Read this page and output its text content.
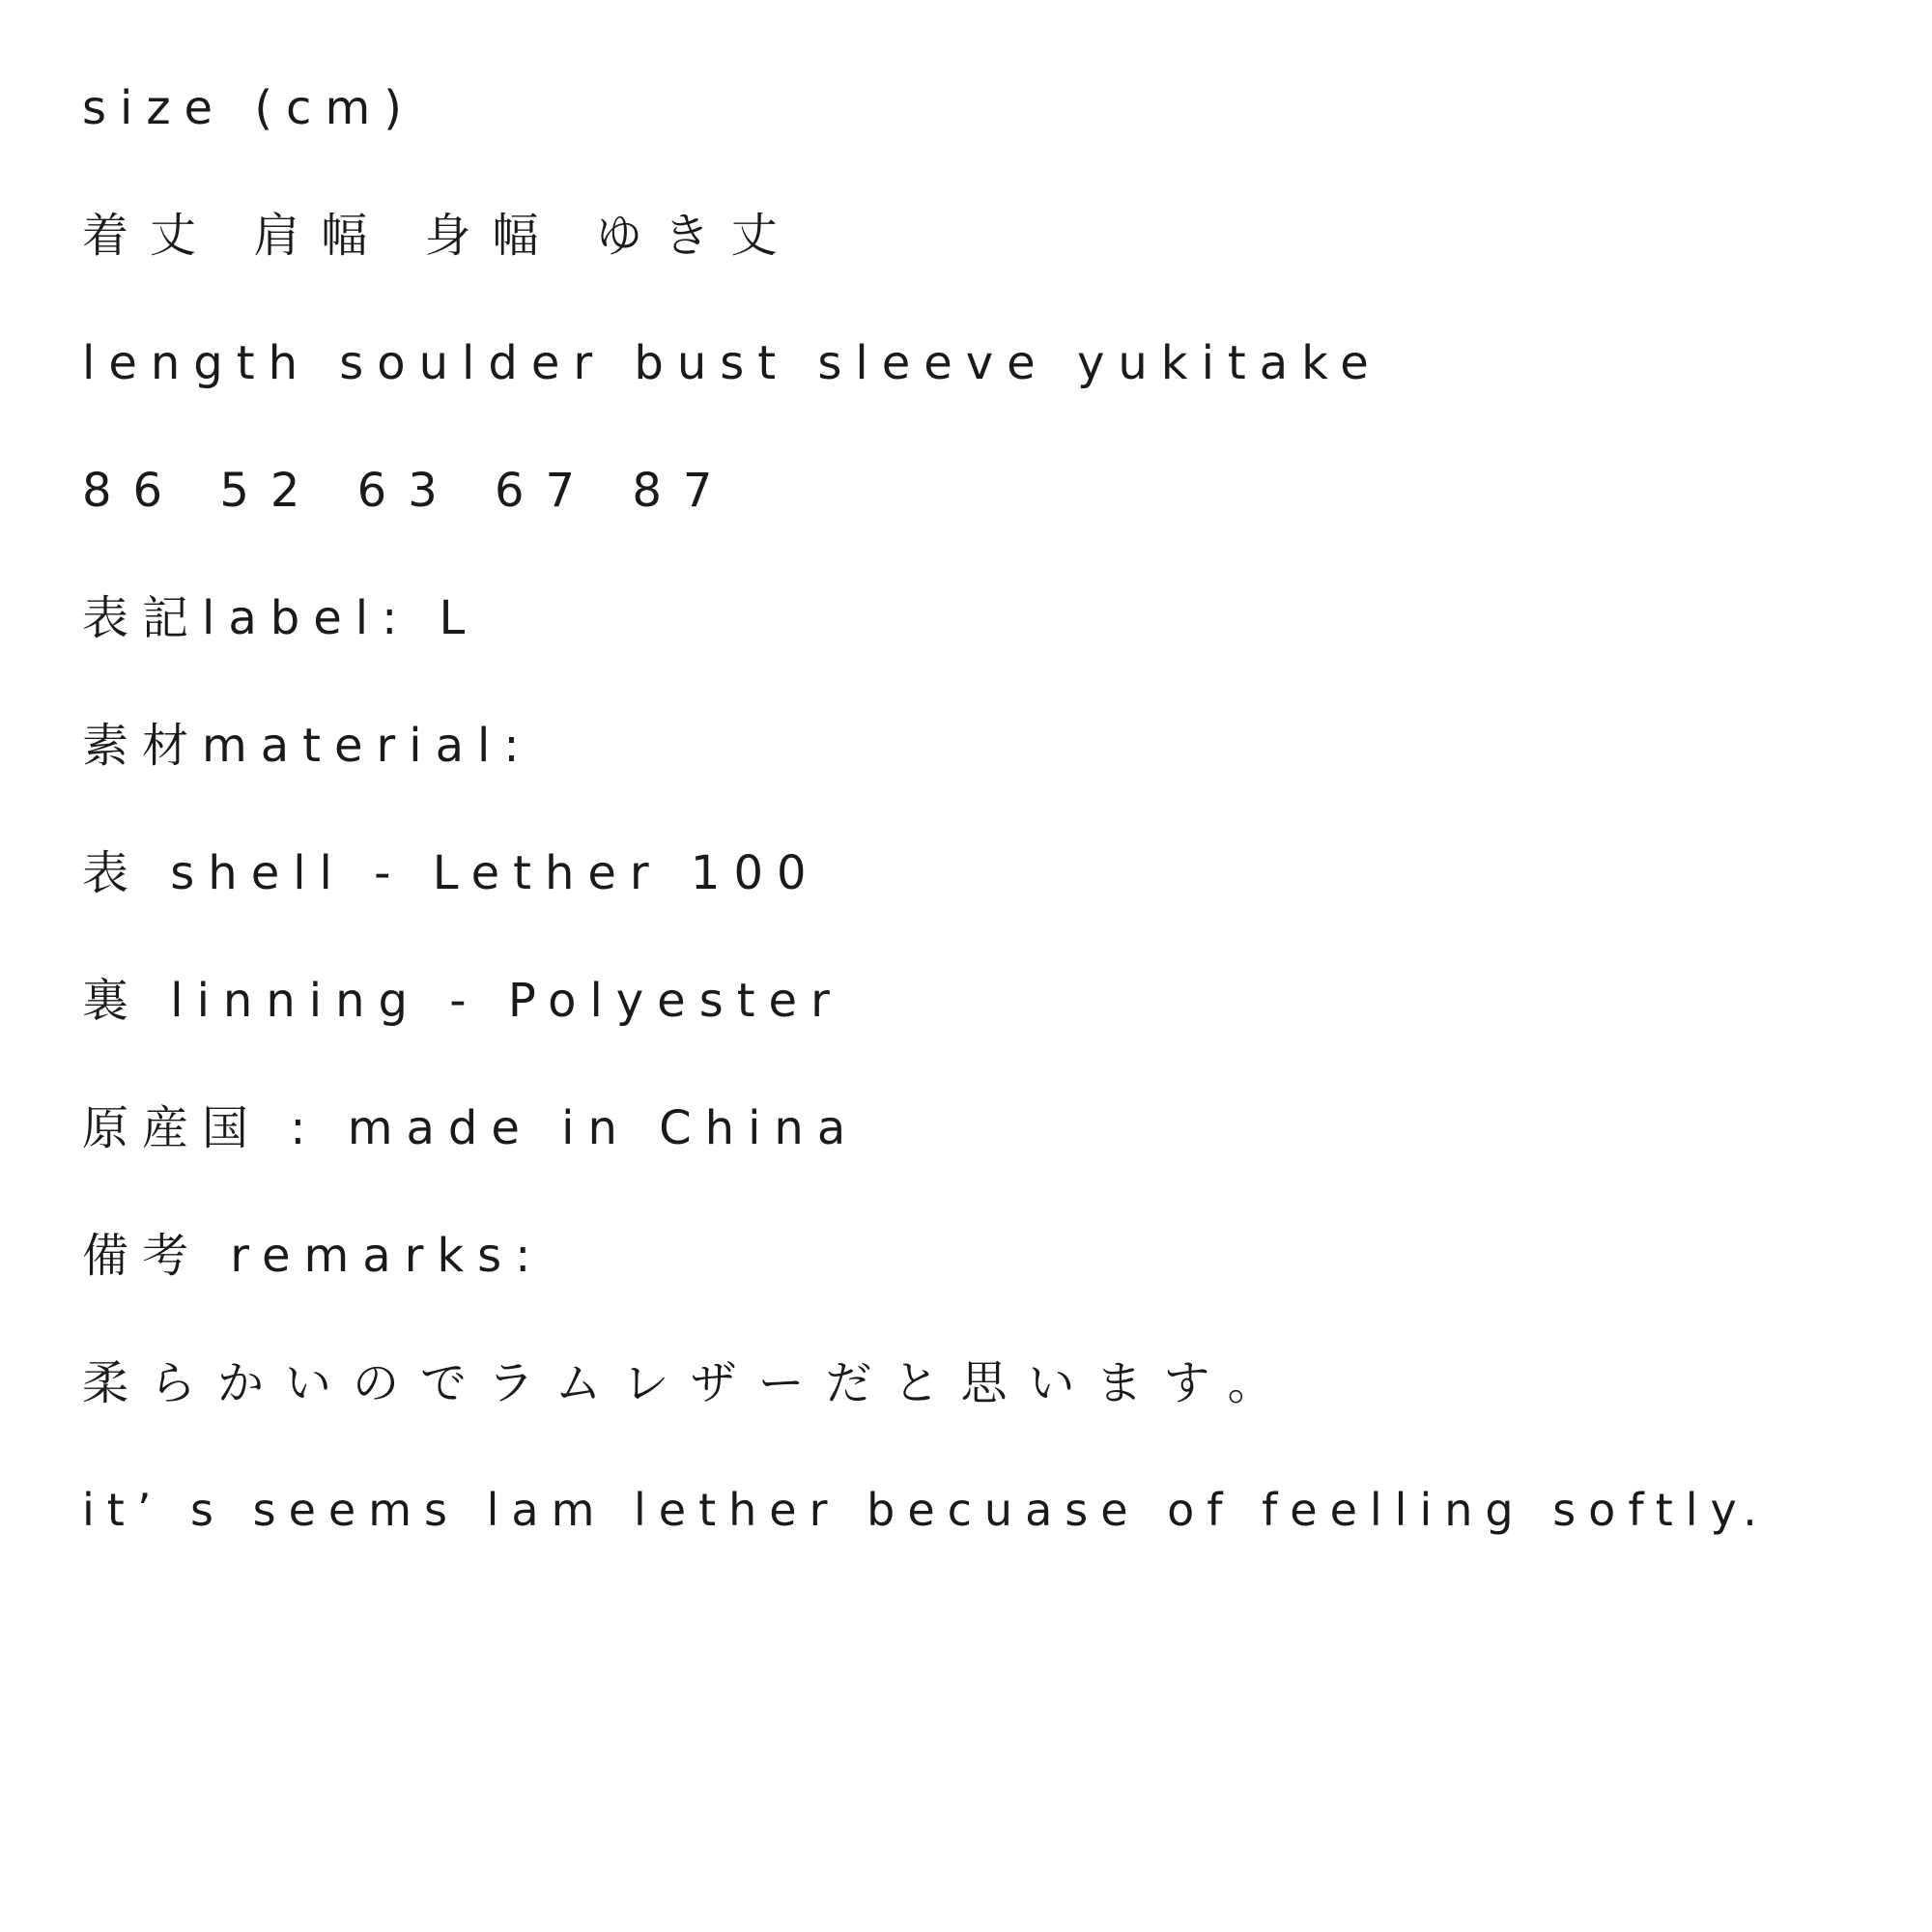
size (cm)
着丈 肩幅 身幅 ゆき丈
length soulder bust sleeve yukitake
86 52 63 67 87
表記label: L
素材material:
表 shell - Lether 100
裏 linning - Polyester
原産国 : made in China
備考 remarks:
柔らかいのでラムレザーだと思います。
it’ s seems lam lether becuase of feelling softly.
